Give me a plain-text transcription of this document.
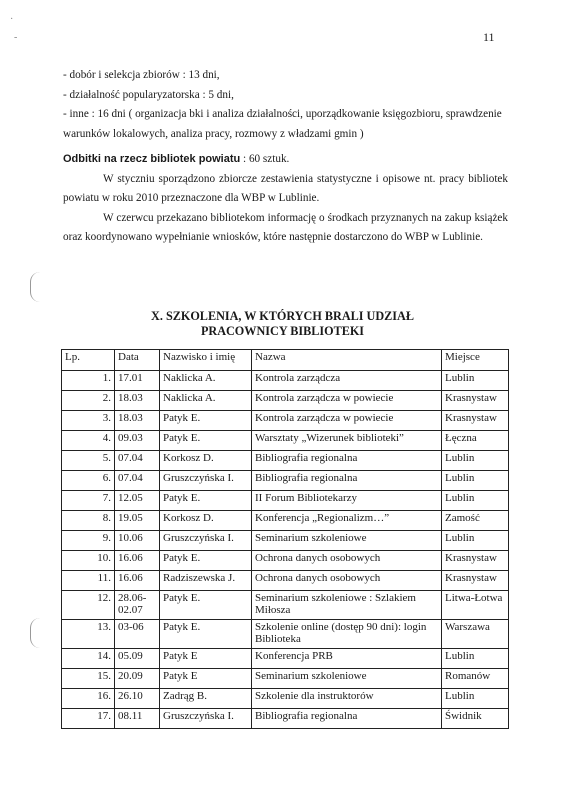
11
·
-

- dobór i selekcja zbiorów : 13 dni,

- działalność popularyzatorska : 5 dni,

- inne : 16 dni ( organizacja bki i analiza działalności, uporządkowanie księgozbioru, sprawdzenie warunków lokalowych, analiza pracy, rozmowy z władzami gmin )

Odbitki na rzecz bibliotek powiatu : 60 sztuk.

W styczniu sporządzono zbiorcze zestawienia statystyczne i opisowe nt. pracy bibliotek powiatu w roku 2010 przeznaczone dla WBP w Lublinie.

W czerwcu przekazano bibliotekom informację o środkach przyznanych na zakup książek oraz koordynowano wypełnianie wniosków, które następnie dostarczono do WBP w Lublinie.

X. SZKOLENIA, W KTÓRYCH BRALI UDZIAŁ
PRACOWNICY BIBLIOTEKI
Lp.	Data	Nazwisko i imię	Nazwa	Miejsce
1.	17.01	Naklicka A.	Kontrola zarządcza	Lublin
2.	18.03	Naklicka A.	Kontrola zarządcza w powiecie	Krasnystaw
3.	18.03	Patyk E.	Kontrola zarządcza w powiecie	Krasnystaw
4.	09.03	Patyk E.	Warsztaty „Wizerunek biblioteki”	Łęczna
5.	07.04	Korkosz D.	Bibliografia regionalna	Lublin
6.	07.04	Gruszczyńska I.	Bibliografia regionalna	Lublin
7.	12.05	Patyk E.	II Forum Bibliotekarzy	Lublin
8.	19.05	Korkosz D.	Konferencja „Regionalizm…”	Zamość
9.	10.06	Gruszczyńska I.	Seminarium szkoleniowe	Lublin
10.	16.06	Patyk E.	Ochrona danych osobowych	Krasnystaw
11.	16.06	Radziszewska J.	Ochrona danych osobowych	Krasnystaw
12.	28.06-02.07	Patyk E.	Seminarium szkoleniowe : Szlakiem Miłosza	Litwa-Łotwa
13.	03-06	Patyk E.	Szkolenie online (dostęp 90 dni): login Biblioteka	Warszawa
14.	05.09	Patyk E	Konferencja PRB	Lublin
15.	20.09	Patyk E	Seminarium szkoleniowe	Romanów
16.	26.10	Zadrąg B.	Szkolenie dla instruktorów	Lublin
17.	08.11	Gruszczyńska I.	Bibliografia regionalna	Świdnik
